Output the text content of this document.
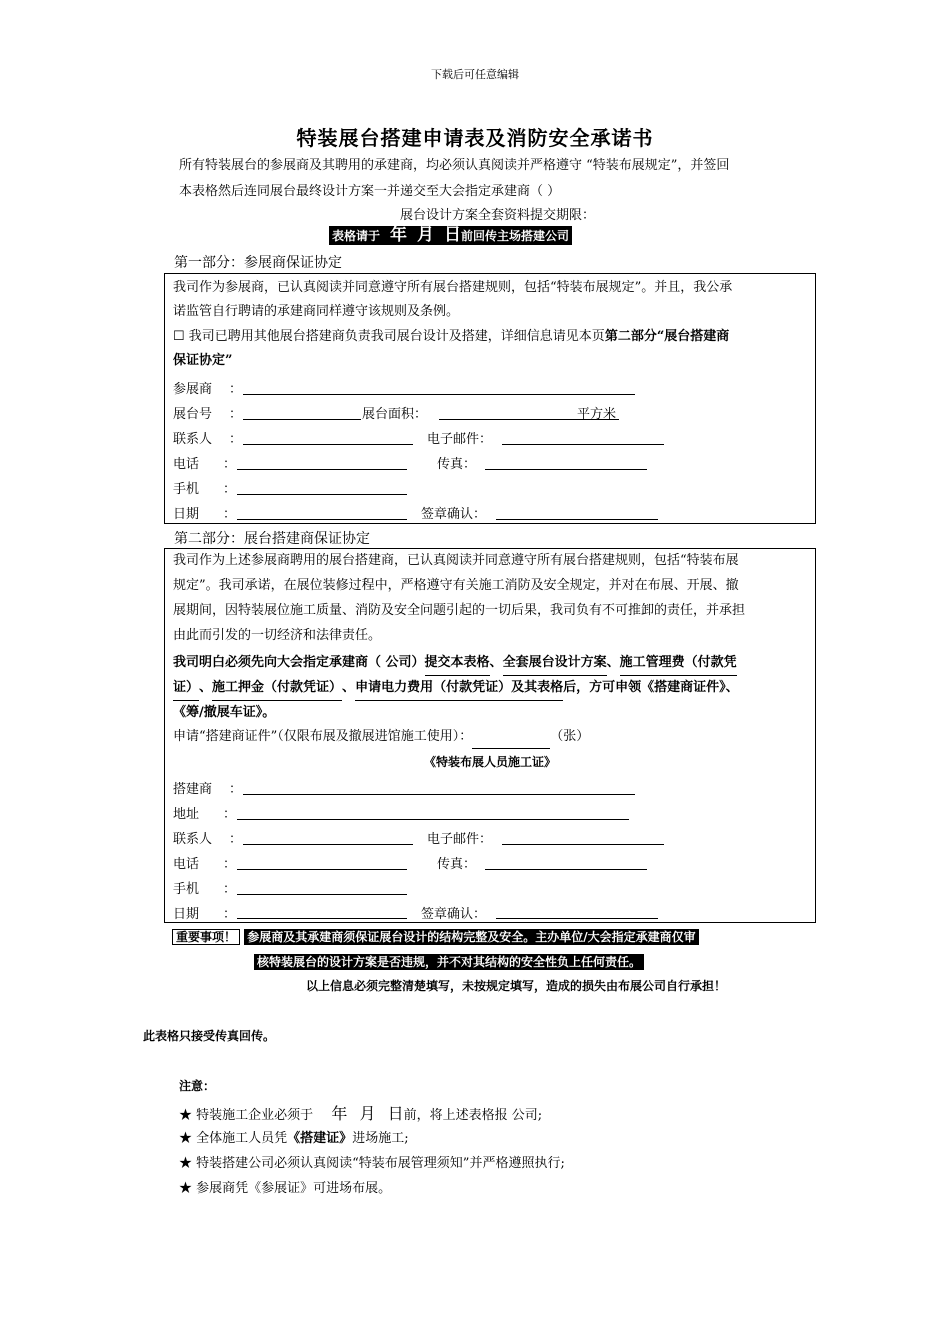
下载后可任意编辑
特装展台搭建申请表及消防安全承诺书
所有特装展台的参展商及其聘用的承建商，均必须认真阅读并严格遵守 “特装布展规定”，并签回
本表格然后连同展台最终设计方案一并递交至大会指定承建商（ ）
展台设计方案全套资料提交期限：
表格请于 年 月 日前回传主场搭建公司
第一部分：参展商保证协定
我司作为参展商，已认真阅读并同意遵守所有展台搭建规则，包括“特装布展规定”。并且，我公承
诺监管自行聘请的承建商同样遵守该规则及条例。
☐ 我司已聘用其他展台搭建商负责我司展台设计及搭建，详细信息请见本页第二部分“展台搭建商
保证协定”
参展商 ：
展台号 ：	展台面积：	平方米
联系人 ：	电子邮件：
电话 ：	传真：
手机 ：
日期 ：	签章确认：
第二部分：展台搭建商保证协定
我司作为上述参展商聘用的展台搭建商，已认真阅读并同意遵守所有展台搭建规则，包括“特装布展
规定”。我司承诺，在展位装修过程中，严格遵守有关施工消防及安全规定，并对在布展、开展、撤
展期间，因特装展位施工质量、消防及安全问题引起的一切后果，我司负有不可推卸的责任，并承担
由此而引发的一切经济和法律责任。
我司明白必须先向大会指定承建商（ 公司）提交本表格、全套展台设计方案、施工管理费（付款凭
证）、施工押金（付款凭证）、申请电力费用（付款凭证）及其表格后，方可申领《搭建商证件》、
《筹/撤展车证》。
申请“搭建商证件”（仅限布展及撤展进馆施工使用）：	（张）
《特装布展人员施工证》
搭建商 ：
地址 ：
联系人 ：	电子邮件：
电话 ：	传真：
手机 ：
日期 ：	签章确认：
重要事项！ 参展商及其承建商须保证展台设计的结构完整及安全。主办单位/大会指定承建商仅审
核特装展台的设计方案是否违规，并不对其结构的安全性负上任何责任。
以上信息必须完整清楚填写，未按规定填写，造成的损失由布展公司自行承担！
此表格只接受传真回传。
注意：
★ 特装施工企业必须于 年 月 日前，将上述表格报 公司;
★ 全体施工人员凭《搭建证》进场施工;
★ 特装搭建公司必须认真阅读“特装布展管理须知”并严格遵照执行;
★ 参展商凭《参展证》可进场布展。
